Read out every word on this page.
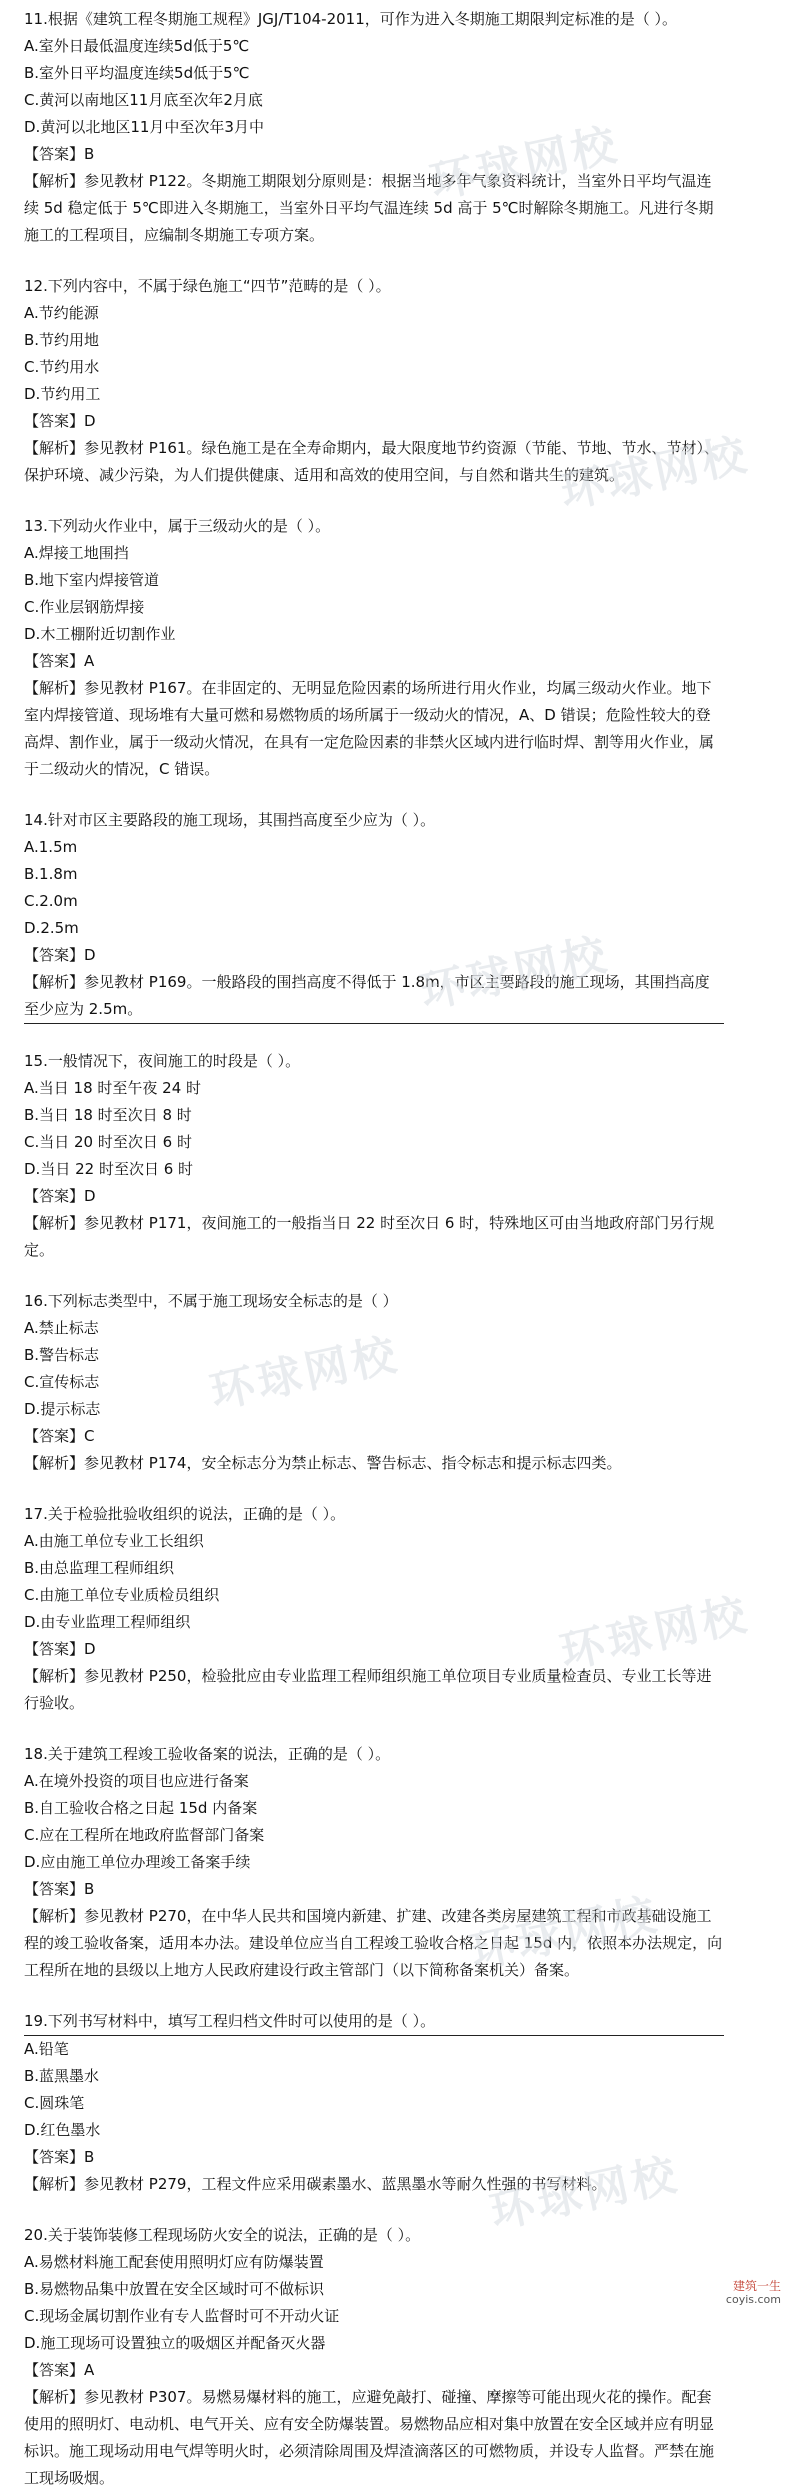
11.根据《建筑工程冬期施工规程》JGJ/T104-2011，可作为进入冬期施工期限判定标准的是（ ）。
A.室外日最低温度连续5d低于5℃
B.室外日平均温度连续5d低于5℃
C.黄河以南地区11月底至次年2月底
D.黄河以北地区11月中至次年3月中
【答案】B
【解析】参见教材 P122。冬期施工期限划分原则是：根据当地多年气象资料统计，当室外日平均气温连续 5d 稳定低于 5℃即进入冬期施工，当室外日平均气温连续 5d 高于 5℃时解除冬期施工。凡进行冬期施工的工程项目，应编制冬期施工专项方案。
12.下列内容中，不属于绿色施工“四节”范畴的是（ ）。
A.节约能源
B.节约用地
C.节约用水
D.节约用工
【答案】D
【解析】参见教材 P161。绿色施工是在全寿命期内，最大限度地节约资源（节能、节地、节水、节材）、保护环境、减少污染，为人们提供健康、适用和高效的使用空间，与自然和谐共生的建筑。
13.下列动火作业中，属于三级动火的是（ ）。
A.焊接工地围挡
B.地下室内焊接管道
C.作业层钢筋焊接
D.木工棚附近切割作业
【答案】A
【解析】参见教材 P167。在非固定的、无明显危险因素的场所进行用火作业，均属三级动火作业。地下室内焊接管道、现场堆有大量可燃和易燃物质的场所属于一级动火的情况，A、D 错误；危险性较大的登高焊、割作业，属于一级动火情况，在具有一定危险因素的非禁火区域内进行临时焊、割等用火作业，属于二级动火的情况，C 错误。
14.针对市区主要路段的施工现场，其围挡高度至少应为（ ）。
A.1.5m
B.1.8m
C.2.0m
D.2.5m
【答案】D
【解析】参见教材 P169。一般路段的围挡高度不得低于 1.8m，市区主要路段的施工现场，其围挡高度至少应为 2.5m。
15.一般情况下，夜间施工的时段是（ ）。
A.当日 18 时至午夜 24 时
B.当日 18 时至次日 8 时
C.当日 20 时至次日 6 时
D.当日 22 时至次日 6 时
【答案】D
【解析】参见教材 P171，夜间施工的一般指当日 22 时至次日 6 时，特殊地区可由当地政府部门另行规定。
16.下列标志类型中，不属于施工现场安全标志的是（ ）
A.禁止标志
B.警告标志
C.宣传标志
D.提示标志
【答案】C
【解析】参见教材 P174，安全标志分为禁止标志、警告标志、指令标志和提示标志四类。
17.关于检验批验收组织的说法，正确的是（ ）。
A.由施工单位专业工长组织
B.由总监理工程师组织
C.由施工单位专业质检员组织
D.由专业监理工程师组织
【答案】D
【解析】参见教材 P250，检验批应由专业监理工程师组织施工单位项目专业质量检查员、专业工长等进行验收。
18.关于建筑工程竣工验收备案的说法，正确的是（ ）。
A.在境外投资的项目也应进行备案
B.自工验收合格之日起 15d 内备案
C.应在工程所在地政府监督部门备案
D.应由施工单位办理竣工备案手续
【答案】B
【解析】参见教材 P270，在中华人民共和国境内新建、扩建、改建各类房屋建筑工程和市政基础设施工程的竣工验收备案，适用本办法。建设单位应当自工程竣工验收合格之日起 15d 内，依照本办法规定，向工程所在地的县级以上地方人民政府建设行政主管部门（以下简称备案机关）备案。
19.下列书写材料中，填写工程归档文件时可以使用的是（ ）。
A.铅笔
B.蓝黑墨水
C.圆珠笔
D.红色墨水
【答案】B
【解析】参见教材 P279，工程文件应采用碳素墨水、蓝黑墨水等耐久性强的书写材料。
20.关于装饰装修工程现场防火安全的说法，正确的是（ ）。
A.易燃材料施工配套使用照明灯应有防爆装置
B.易燃物品集中放置在安全区域时可不做标识
C.现场金属切割作业有专人监督时可不开动火证
D.施工现场可设置独立的吸烟区并配备灭火器
【答案】A
【解析】参见教材 P307。易燃易爆材料的施工，应避免敲打、碰撞、摩擦等可能出现火花的操作。配套使用的照明灯、电动机、电气开关、应有安全防爆装置。易燃物品应相对集中放置在安全区域并应有明显标识。施工现场动用电气焊等明火时，必须清除周围及焊渣滴落区的可燃物质，并设专人监督。严禁在施工现场吸烟。
环球网校
环球网校
环球网校
环球网校
环球网校
环球网校
环球网校
建筑一生
coyis.com
